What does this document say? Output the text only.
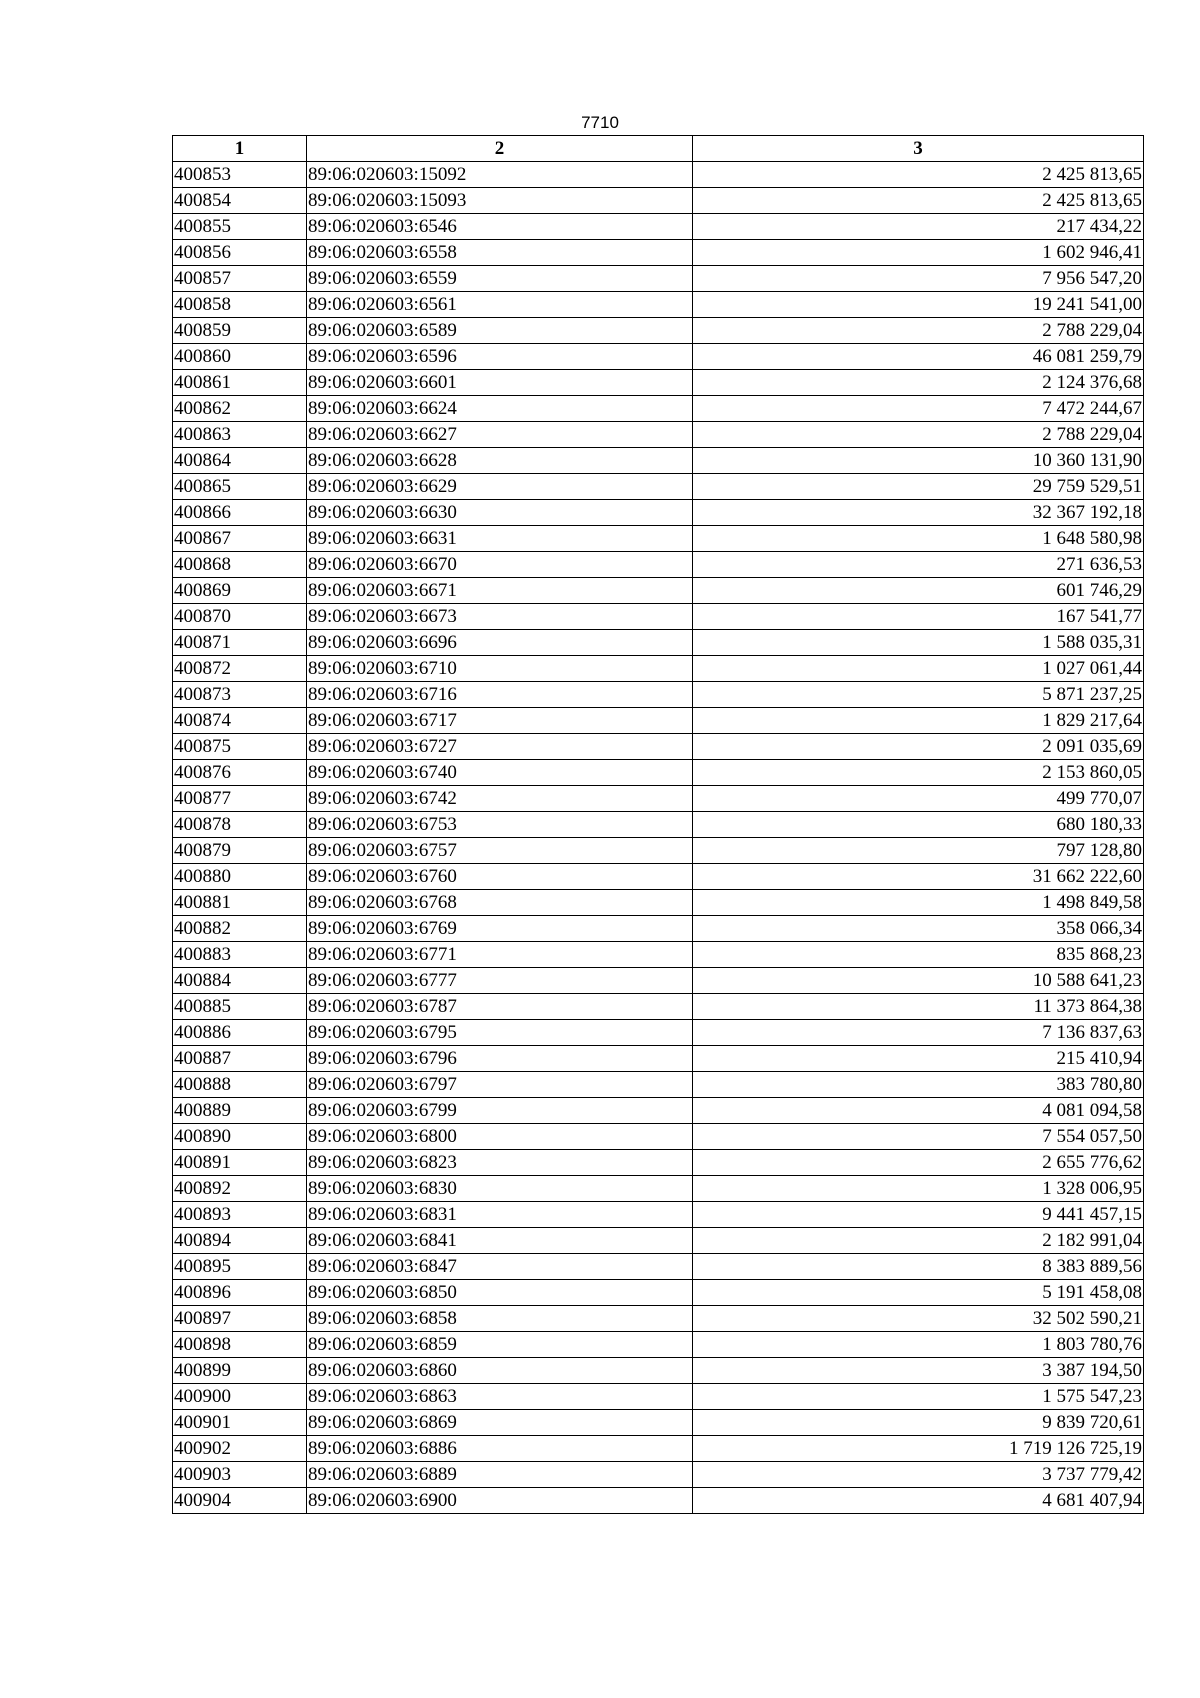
7710
1	2	3
400853	89:06:020603:15092	2 425 813,65
400854	89:06:020603:15093	2 425 813,65
400855	89:06:020603:6546	217 434,22
400856	89:06:020603:6558	1 602 946,41
400857	89:06:020603:6559	7 956 547,20
400858	89:06:020603:6561	19 241 541,00
400859	89:06:020603:6589	2 788 229,04
400860	89:06:020603:6596	46 081 259,79
400861	89:06:020603:6601	2 124 376,68
400862	89:06:020603:6624	7 472 244,67
400863	89:06:020603:6627	2 788 229,04
400864	89:06:020603:6628	10 360 131,90
400865	89:06:020603:6629	29 759 529,51
400866	89:06:020603:6630	32 367 192,18
400867	89:06:020603:6631	1 648 580,98
400868	89:06:020603:6670	271 636,53
400869	89:06:020603:6671	601 746,29
400870	89:06:020603:6673	167 541,77
400871	89:06:020603:6696	1 588 035,31
400872	89:06:020603:6710	1 027 061,44
400873	89:06:020603:6716	5 871 237,25
400874	89:06:020603:6717	1 829 217,64
400875	89:06:020603:6727	2 091 035,69
400876	89:06:020603:6740	2 153 860,05
400877	89:06:020603:6742	499 770,07
400878	89:06:020603:6753	680 180,33
400879	89:06:020603:6757	797 128,80
400880	89:06:020603:6760	31 662 222,60
400881	89:06:020603:6768	1 498 849,58
400882	89:06:020603:6769	358 066,34
400883	89:06:020603:6771	835 868,23
400884	89:06:020603:6777	10 588 641,23
400885	89:06:020603:6787	11 373 864,38
400886	89:06:020603:6795	7 136 837,63
400887	89:06:020603:6796	215 410,94
400888	89:06:020603:6797	383 780,80
400889	89:06:020603:6799	4 081 094,58
400890	89:06:020603:6800	7 554 057,50
400891	89:06:020603:6823	2 655 776,62
400892	89:06:020603:6830	1 328 006,95
400893	89:06:020603:6831	9 441 457,15
400894	89:06:020603:6841	2 182 991,04
400895	89:06:020603:6847	8 383 889,56
400896	89:06:020603:6850	5 191 458,08
400897	89:06:020603:6858	32 502 590,21
400898	89:06:020603:6859	1 803 780,76
400899	89:06:020603:6860	3 387 194,50
400900	89:06:020603:6863	1 575 547,23
400901	89:06:020603:6869	9 839 720,61
400902	89:06:020603:6886	1 719 126 725,19
400903	89:06:020603:6889	3 737 779,42
400904	89:06:020603:6900	4 681 407,94
